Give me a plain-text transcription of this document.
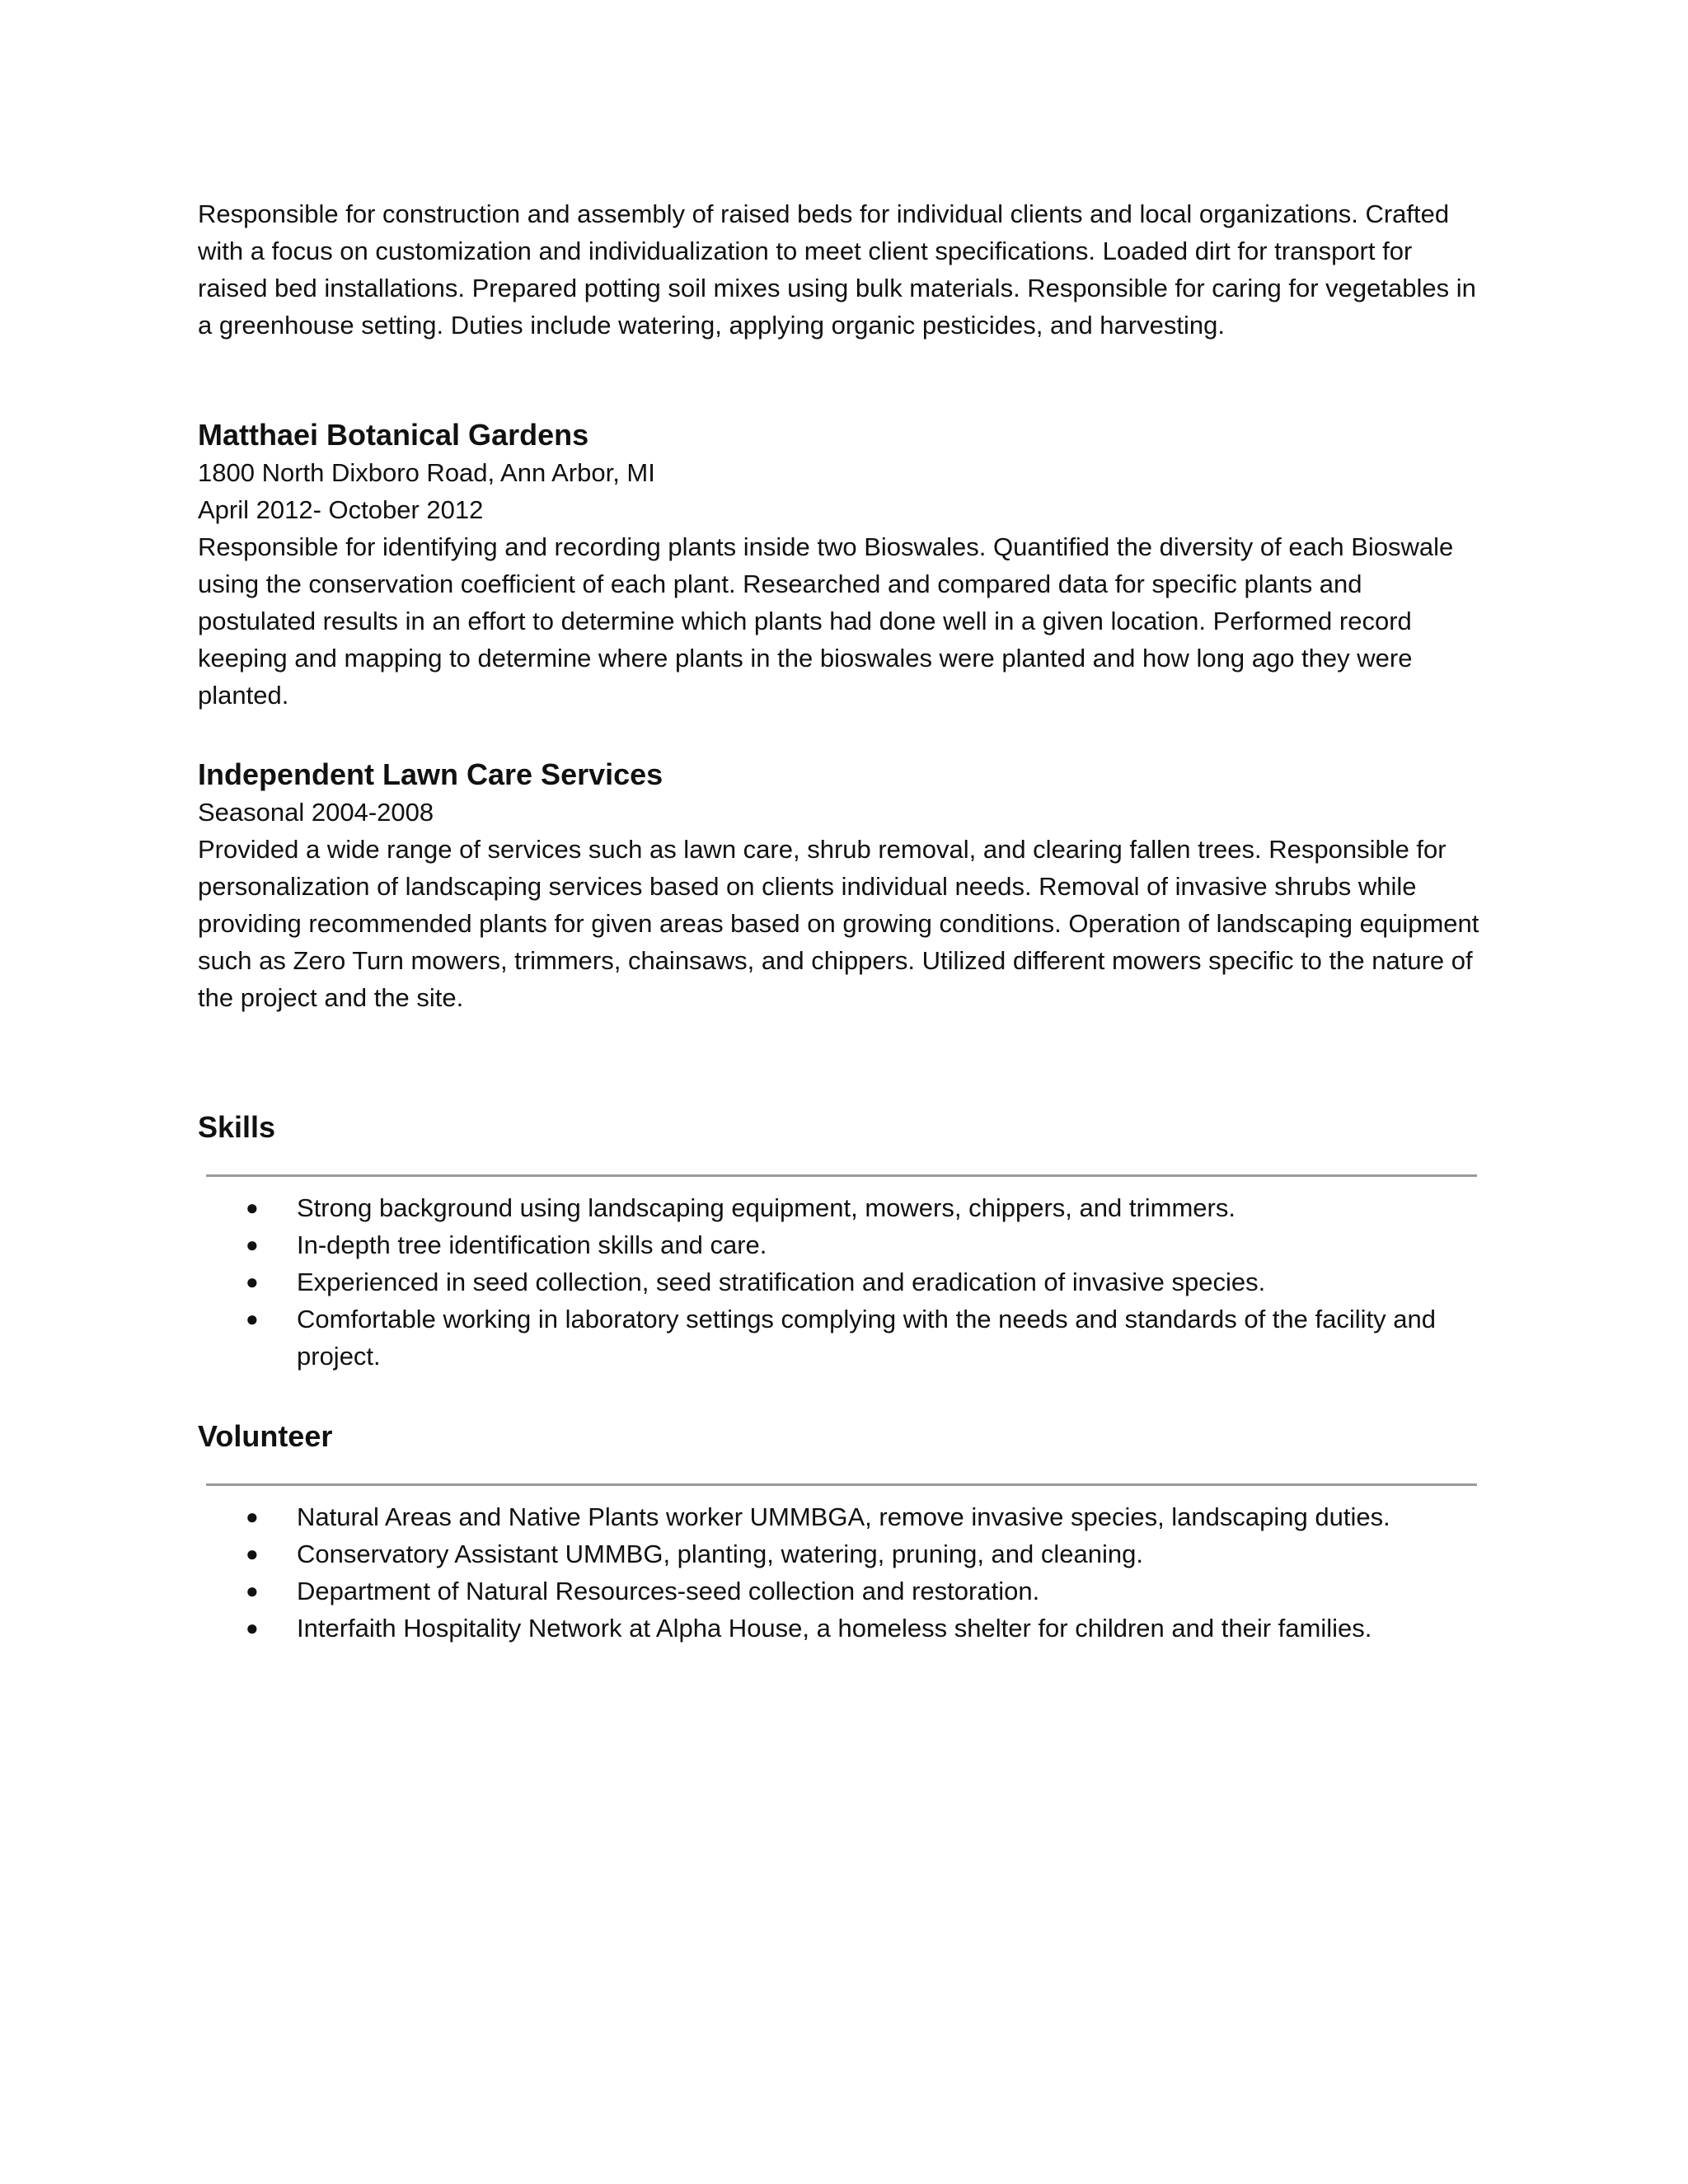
Responsible for construction and assembly of raised beds for individual clients and local organizations. Crafted with a focus on customization and individualization to meet client specifications. Loaded dirt for transport for raised bed installations. Prepared potting soil mixes using bulk materials. Responsible for caring for vegetables in a greenhouse setting. Duties include watering, applying organic pesticides, and harvesting.

Matthaei Botanical Gardens

1800 North Dixboro Road, Ann Arbor, MI

April 2012- October 2012

Responsible for identifying and recording plants inside two Bioswales. Quantified the diversity of each Bioswale using the conservation coefficient of each plant. Researched and compared data for specific plants and postulated results in an effort to determine which plants had done well in a given location. Performed record keeping and mapping to determine where plants in the bioswales were planted and how long ago they were planted.

Independent Lawn Care Services

Seasonal 2004-2008

Provided a wide range of services such as lawn care, shrub removal, and clearing fallen trees. Responsible for personalization of landscaping services based on clients individual needs. Removal of invasive shrubs while providing recommended plants for given areas based on growing conditions. Operation of landscaping equipment such as Zero Turn mowers, trimmers, chainsaws, and chippers. Utilized different mowers specific to the nature of the project and the site.

Skills
● Strong background using landscaping equipment, mowers, chippers, and trimmers.
● In-depth tree identification skills and care.
● Experienced in seed collection, seed stratification and eradication of invasive species.
● Comfortable working in laboratory settings complying with the needs and standards of the facility and project.
Volunteer
● Natural Areas and Native Plants worker UMMBGA, remove invasive species, landscaping duties.
● Conservatory Assistant UMMBG, planting, watering, pruning, and cleaning.
● Department of Natural Resources-seed collection and restoration.
● Interfaith Hospitality Network at Alpha House, a homeless shelter for children and their families.
